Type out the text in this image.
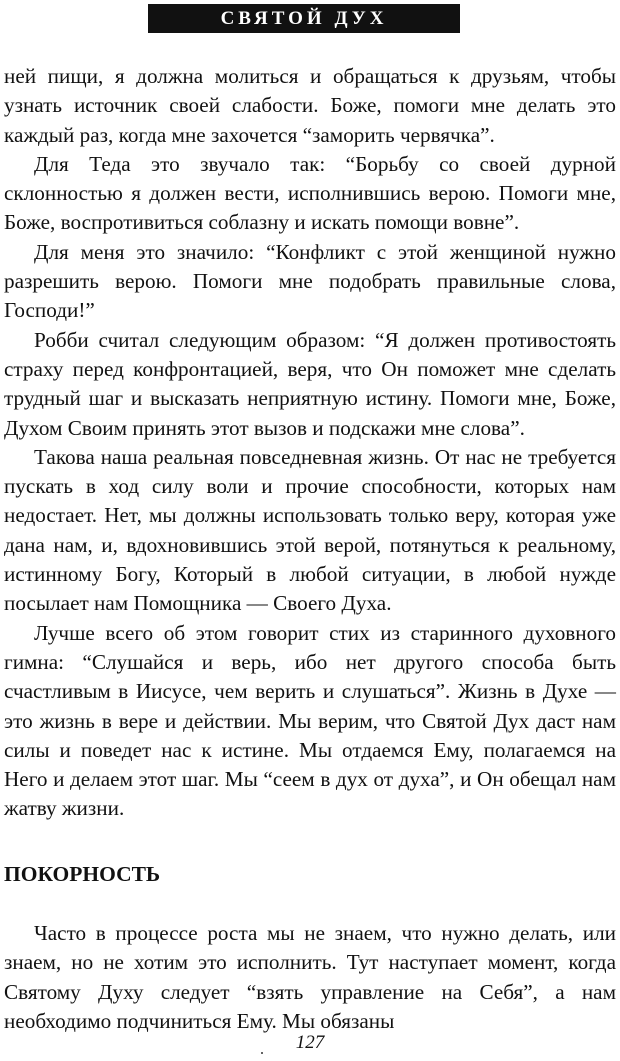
СВЯТОЙ ДУХ

ней пищи, я должна молиться и обращаться к друзьям, чтобы узнать источник своей слабости. Боже, помоги мне делать это каждый раз, когда мне захочется “заморить червячка”.

Для Теда это звучало так: “Борьбу со своей дурной склонностью я должен вести, исполнившись верою. Помоги мне, Боже, воспротивиться соблазну и искать помощи вовне”.

Для меня это значило: “Конфликт с этой женщиной нужно разрешить верою. Помоги мне подобрать правильные слова, Господи!”

Робби считал следующим образом: “Я должен противостоять страху перед конфронтацией, веря, что Он поможет мне сделать трудный шаг и высказать неприятную истину. Помоги мне, Боже, Духом Своим принять этот вызов и подскажи мне слова”.

Такова наша реальная повседневная жизнь. От нас не требуется пускать в ход силу воли и прочие способности, которых нам недостает. Нет, мы должны использовать только веру, которая уже дана нам, и, вдохновившись этой верой, потянуться к реальному, истинному Богу, Который в любой ситуации, в любой нужде посылает нам Помощника — Своего Духа.

Лучше всего об этом говорит стих из старинного духовного гимна: “Слушайся и верь, ибо нет другого способа быть счастливым в Иисусе, чем верить и слушаться”. Жизнь в Духе — это жизнь в вере и действии. Мы верим, что Святой Дух даст нам силы и поведет нас к истине. Мы отдаемся Ему, полагаемся на Него и делаем этот шаг. Мы “сеем в дух от духа”, и Он обещал нам жатву жизни.

ПОКОРНОСТЬ

Часто в процессе роста мы не знаем, что нужно делать, или знаем, но не хотим это исполнить. Тут наступает момент, когда Святому Духу следует “взять управление на Себя”, а нам необходимо подчиниться Ему. Мы обязаны

127
